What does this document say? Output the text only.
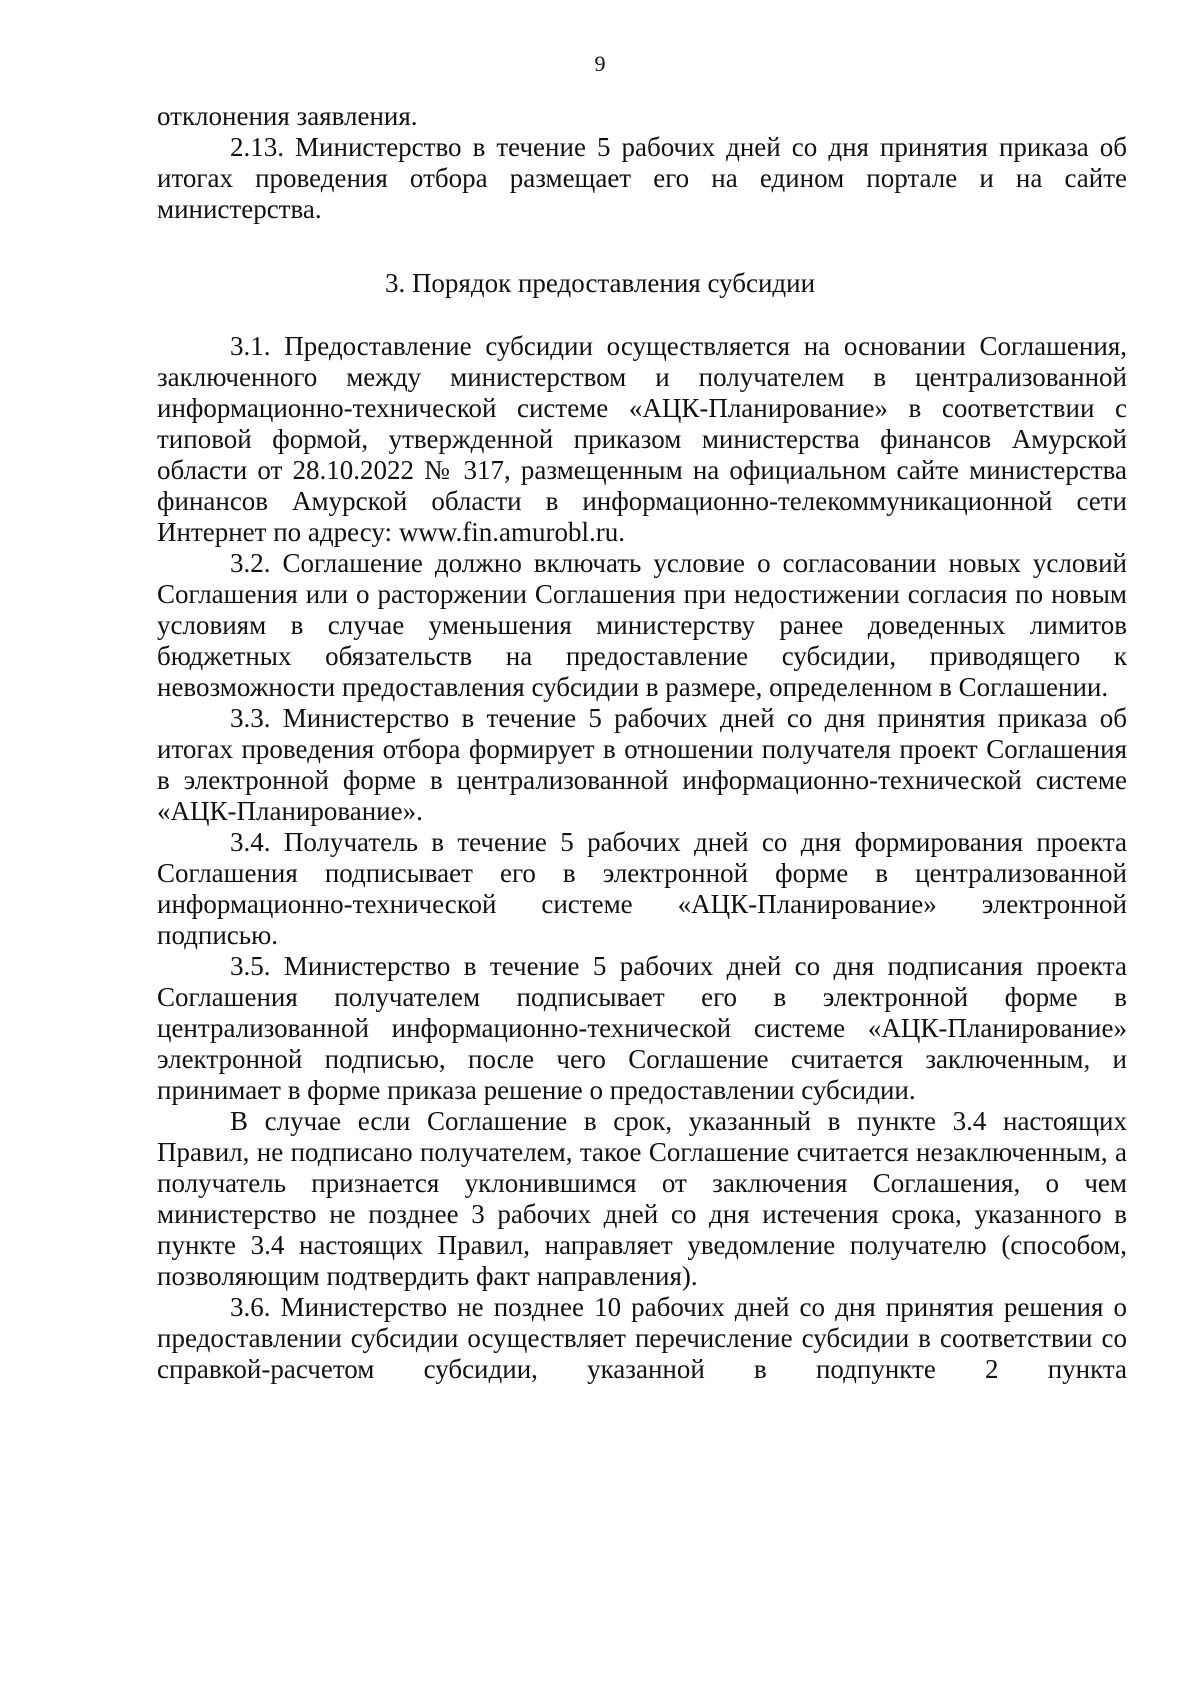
9

отклонения заявления.

2.13. Министерство в течение 5 рабочих дней со дня принятия приказа об итогах проведения отбора размещает его на едином портале и на сайте министерства.

3. Порядок предоставления субсидии

3.1. Предоставление субсидии осуществляется на основании Соглашения, заключенного между министерством и получателем в централизованной информационно-технической системе «АЦК-Планирование» в соответствии с типовой формой, утвержденной приказом министерства финансов Амурской области от 28.10.2022 № 317, размещенным на официальном сайте министерства финансов Амурской области в информационно-телекоммуникационной сети Интернет по адресу: www.fin.amurobl.ru.

3.2. Соглашение должно включать условие о согласовании новых условий Соглашения или о расторжении Соглашения при недостижении согласия по новым условиям в случае уменьшения министерству ранее доведенных лимитов бюджетных обязательств на предоставление субсидии, приводящего к невозможности предоставления субсидии в размере, определенном в Соглашении.

3.3. Министерство в течение 5 рабочих дней со дня принятия приказа об итогах проведения отбора формирует в отношении получателя проект Соглашения в электронной форме в централизованной информационно-технической системе «АЦК-Планирование».

3.4. Получатель в течение 5 рабочих дней со дня формирования проекта Соглашения подписывает его в электронной форме в централизованной информационно-технической системе «АЦК-Планирование» электронной подписью.

3.5. Министерство в течение 5 рабочих дней со дня подписания проекта Соглашения получателем подписывает его в электронной форме в централизованной информационно-технической системе «АЦК-Планирование» электронной подписью, после чего Соглашение считается заключенным, и принимает в форме приказа решение о предоставлении субсидии.

В случае если Соглашение в срок, указанный в пункте 3.4 настоящих Правил, не подписано получателем, такое Соглашение считается незаключенным, а получатель признается уклонившимся от заключения Соглашения, о чем министерство не позднее 3 рабочих дней со дня истечения срока, указанного в пункте 3.4 настоящих Правил, направляет уведомление получателю (способом, позволяющим подтвердить факт направления).

3.6. Министерство не позднее 10 рабочих дней со дня принятия решения о предоставлении субсидии осуществляет перечисление субсидии в соответствии со справкой-расчетом субсидии, указанной в подпункте 2 пункта
